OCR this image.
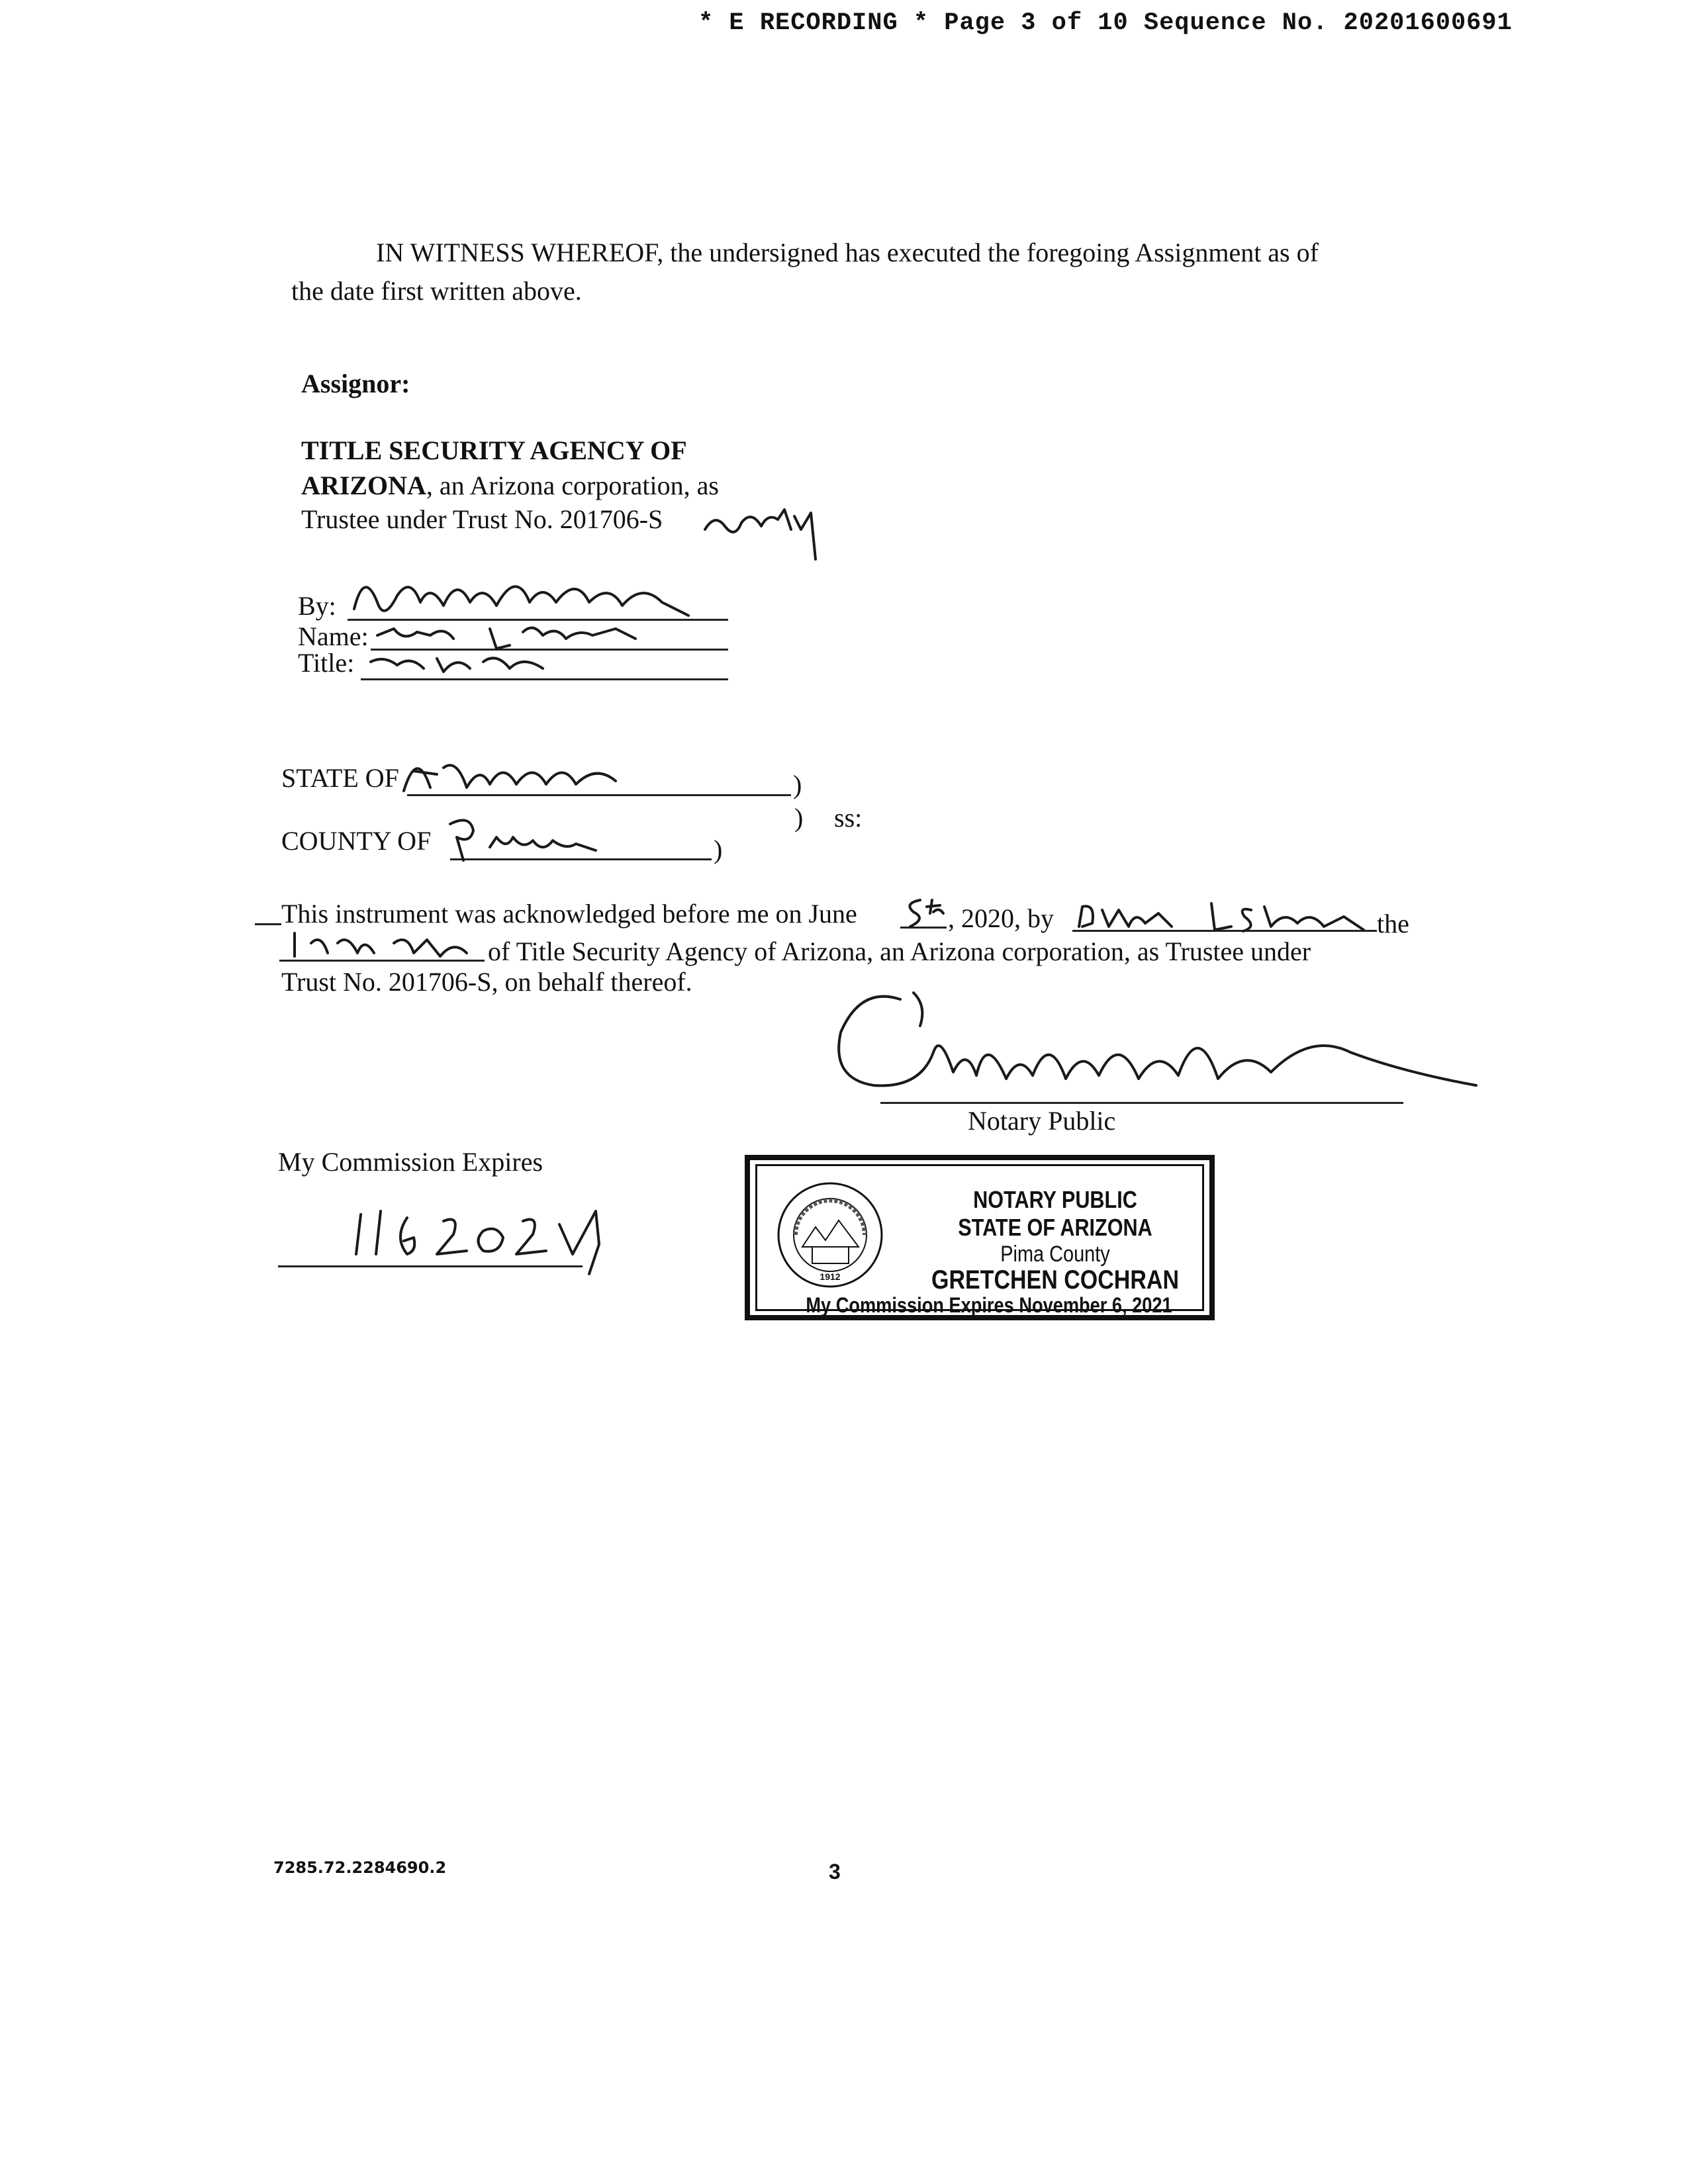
* E RECORDING * Page 3 of 10 Sequence No. 20201600691
IN WITNESS WHEREOF, the undersigned has executed the foregoing Assignment as of
the date first written above.
Assignor:
TITLE SECURITY AGENCY OF
ARIZONA, an Arizona corporation, as
Trustee under Trust No. 201706-S
By:
Name:
Title:
STATE OF	)
) ss:
COUNTY OF	)
This instrument was acknowledged before me on June	, 2020, by	the
of Title Security Agency of Arizona, an Arizona corporation, as Trustee under
Trust No. 201706-S, on behalf thereof.
Notary Public
My Commission Expires
1912
NOTARY PUBLIC
STATE OF ARIZONA
Pima County
GRETCHEN COCHRAN
My Commission Expires November 6, 2021
7285.72.2284690.2	3
